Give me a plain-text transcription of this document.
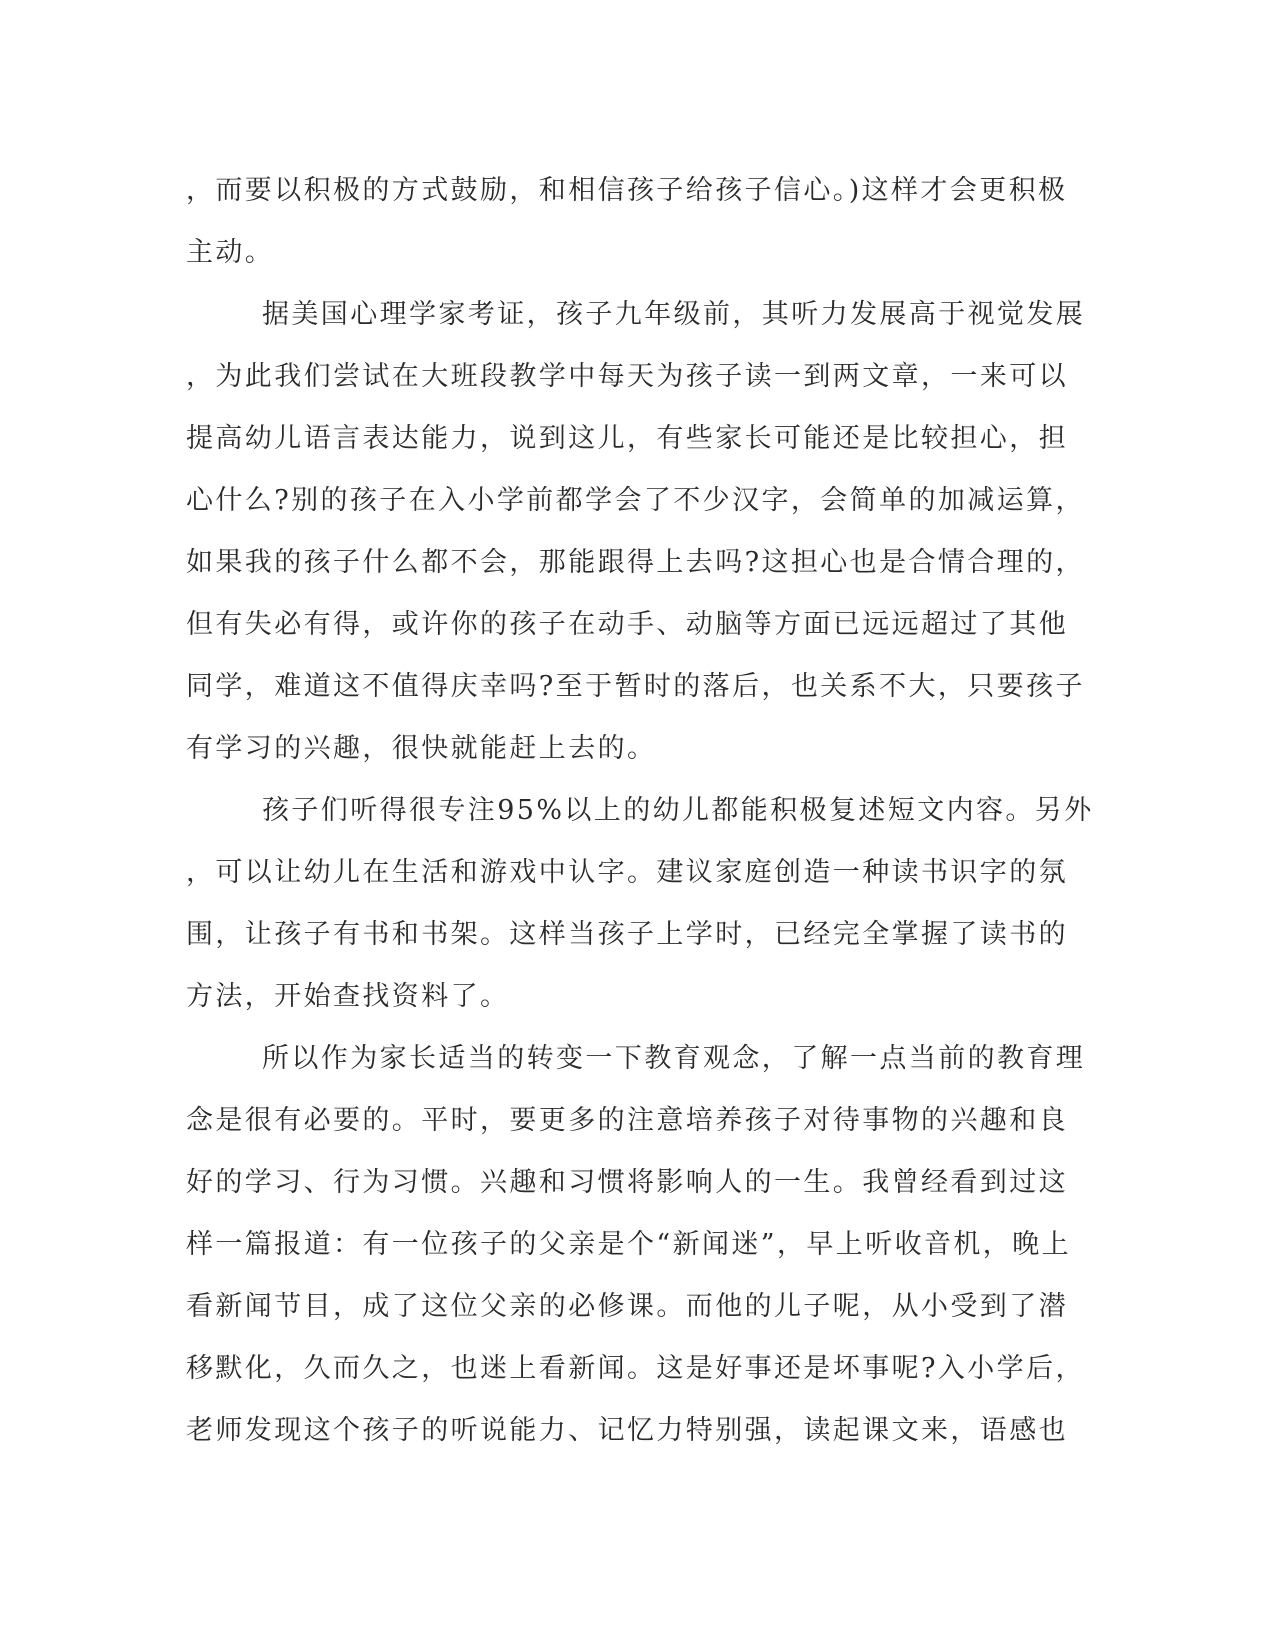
，而要以积极的方式鼓励，和相信孩子给孩子信心。)这样才会更积极
主动。
据美国心理学家考证，孩子九年级前，其听力发展高于视觉发展
，为此我们尝试在大班段教学中每天为孩子读一到两文章，一来可以
提高幼儿语言表达能力，说到这儿，有些家长可能还是比较担心，担
心什么?别的孩子在入小学前都学会了不少汉字，会简单的加减运算，
如果我的孩子什么都不会，那能跟得上去吗?这担心也是合情合理的，
但有失必有得，或许你的孩子在动手、动脑等方面已远远超过了其他
同学，难道这不值得庆幸吗?至于暂时的落后，也关系不大，只要孩子
有学习的兴趣，很快就能赶上去的。
孩子们听得很专注95%以上的幼儿都能积极复述短文内容。另外
，可以让幼儿在生活和游戏中认字。建议家庭创造一种读书识字的氛
围，让孩子有书和书架。这样当孩子上学时，已经完全掌握了读书的
方法，开始查找资料了。
所以作为家长适当的转变一下教育观念，了解一点当前的教育理
念是很有必要的。平时，要更多的注意培养孩子对待事物的兴趣和良
好的学习、行为习惯。兴趣和习惯将影响人的一生。我曾经看到过这
样一篇报道：有一位孩子的父亲是个“新闻迷”，早上听收音机，晚上
看新闻节目，成了这位父亲的必修课。而他的儿子呢，从小受到了潜
移默化，久而久之，也迷上看新闻。这是好事还是坏事呢?入小学后，
老师发现这个孩子的听说能力、记忆力特别强，读起课文来，语感也
